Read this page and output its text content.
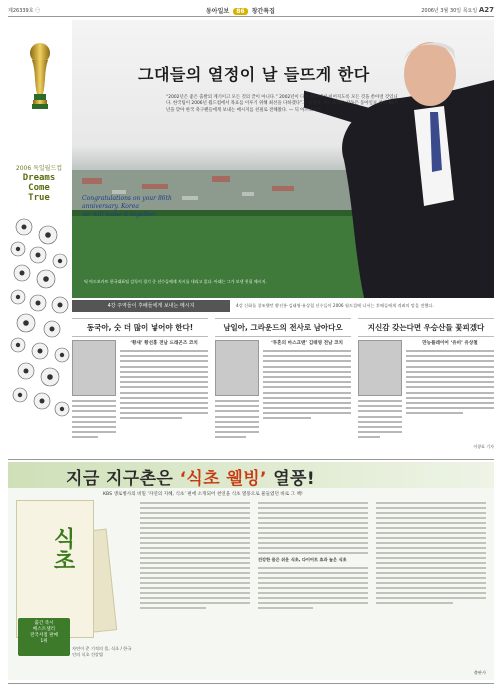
제26339호 ㊀	동아일보 86 창간특집	2006년 3월 30일 목요일 A27
2006 독일월드컵
Dreams
Come
True
그대들의 열정이 날 들뜨게 한다
“2002년은 좋은 출발의 계기이고 모든 것의 끝이 아니다.” 2002년이 다시 한국에서 이어지도록 모든 것을 쏟아낼 것입니다. 한국팀이 2006년 월드컵에서 목표를 이루기 위해 최선을 다하겠다”고 말했다. 아드보카트 감독은 동아일보 창간 86주년을 맞아 한국 축구팬들에게 보내는 메시지를 친필로 전해왔다. — 딕 아드보카트
Congratulations on your 86th
anniversary. Korea
we will make it together
딕 아드보카트 한국대표팀 감독이 경기 중 선수들에게 지시를 내리고 있다. 아래는 그가 보낸 친필 메시지.
4강 주역들이 후배들에게 보내는 메시지	4강 신화를 창조했던 황선홍·김태영·유상철 선수들이 2006 월드컵에 나서는 후배들에게 격려의 말을 전했다.
동국아, 숫 더 많이 넣어야 한다!
‘황새’ 황선홍 전남 드래곤즈 코치
남일아, 그라운드의 전사로 남아다오
‘투혼의 마스크맨’ 김태영 전남 코치
지신감 갖는다면 우승산들 꽃피겠다
만능플레이어 ‘유비’ 유상철
이광표 기자
지금 지구촌은 ‘식초 웰빙’ 열풍!
KBS 생로병사의 비밀 ‘자연의 지혜, 식초’ 편에 소개되어 천연을 식초 열풍으로 물들였던 바로 그 책!
식초
출간 즉시
베스트셀러
전국서점 판매
1위
자연이 준 기적의 물, 식초 / 한국인의 식초 건강법
건강한 몸은 쉬운 식초, 다이어트 효과 높은 식초
출판사
